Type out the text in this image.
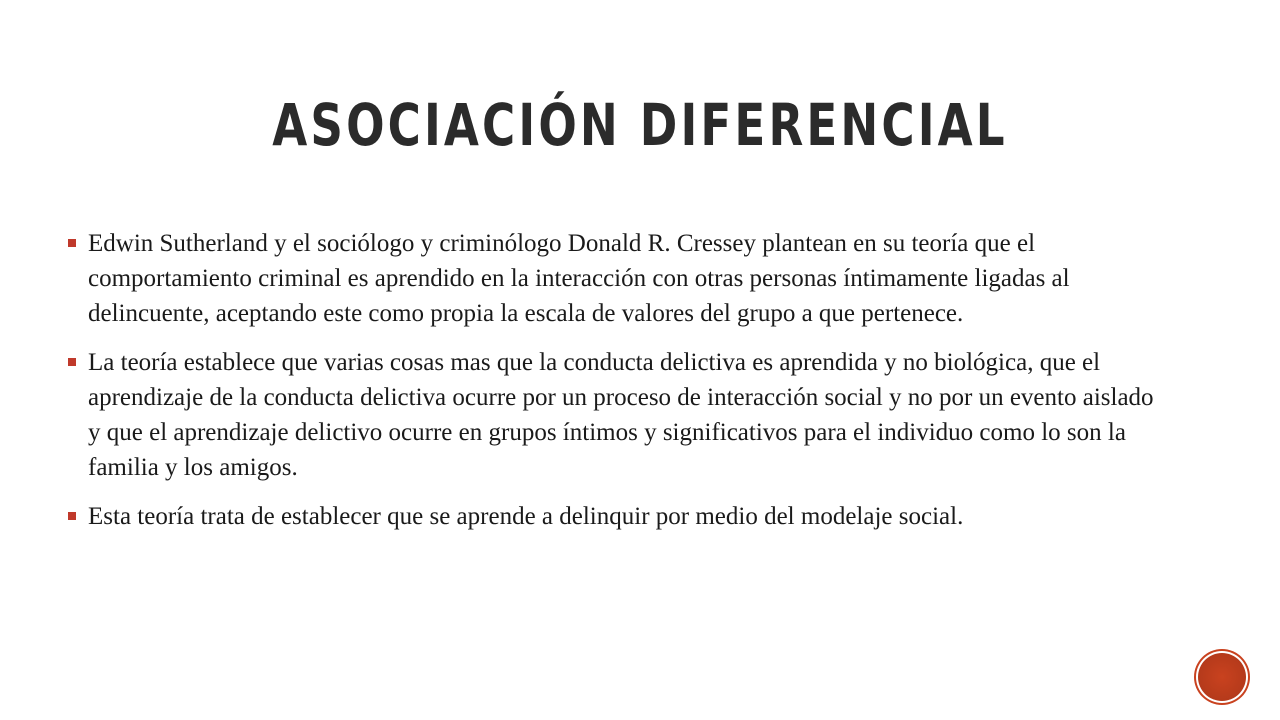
ASOCIACIÓN DIFERENCIAL
Edwin Sutherland y el sociólogo y criminólogo Donald R. Cressey plantean en su teoría que el comportamiento criminal es aprendido en la interacción con otras personas íntimamente ligadas al delincuente, aceptando este como propia la escala de valores del grupo a que pertenece.
La teoría establece que varias cosas mas que la conducta delictiva es aprendida y no biológica, que el aprendizaje de la conducta delictiva ocurre por un proceso de interacción social y no por un evento aislado y que el aprendizaje delictivo ocurre en grupos íntimos y significativos para el individuo como lo son la familia y los amigos.
Esta teoría trata de establecer que se aprende a delinquir por medio del modelaje social.
